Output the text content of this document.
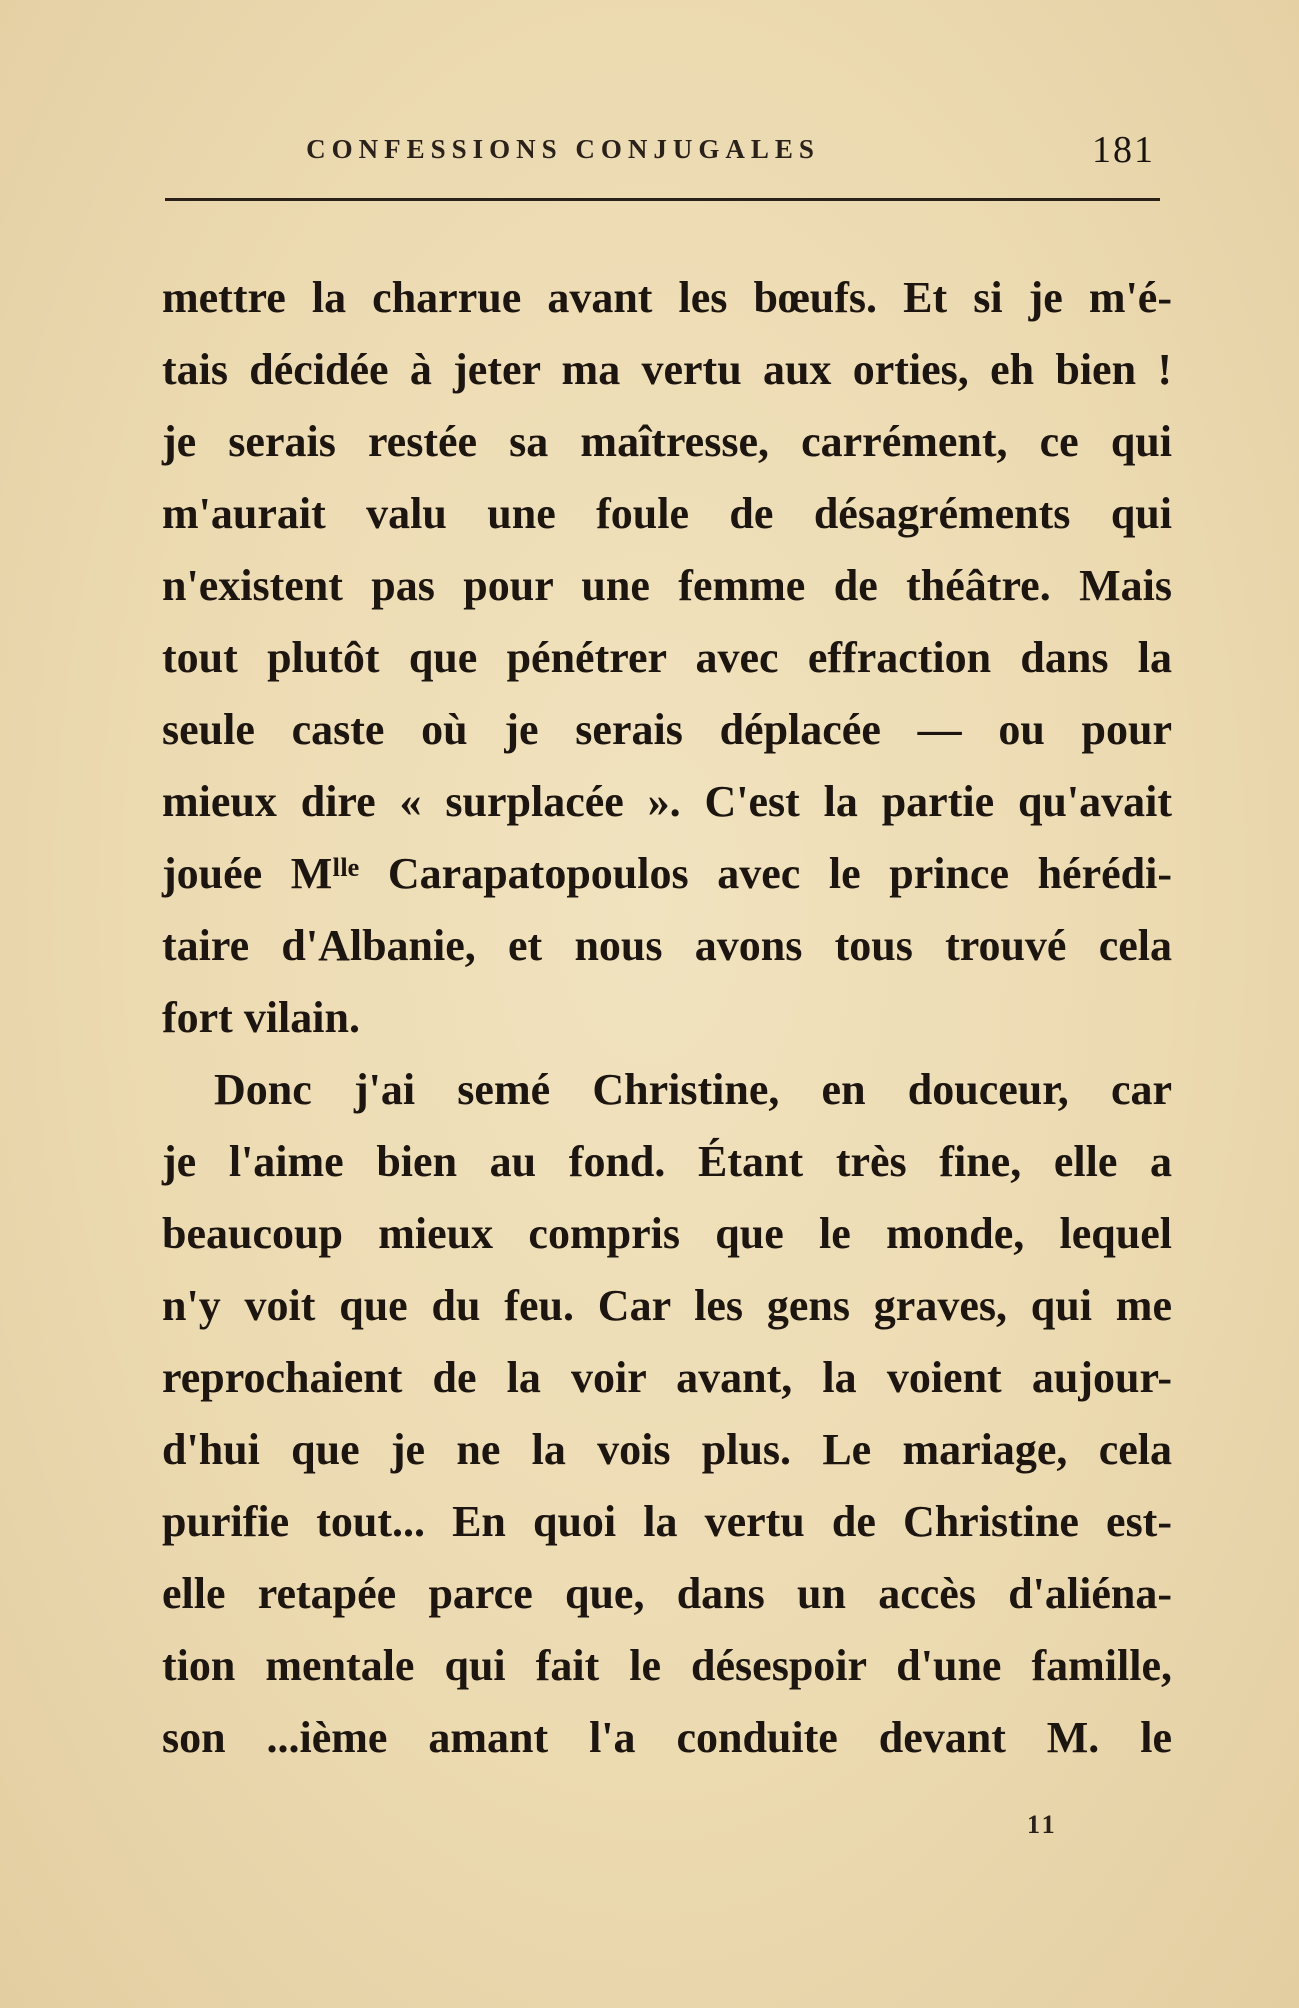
CONFESSIONS CONJUGALES	181
mettre la charrue avant les bœufs. Et si je m'é-
tais décidée à jeter ma vertu aux orties, eh bien !
je serais restée sa maîtresse, carrément, ce qui
m'aurait valu une foule de désagréments qui
n'existent pas pour une femme de théâtre. Mais
tout plutôt que pénétrer avec effraction dans la
seule caste où je serais déplacée — ou pour
mieux dire « surplacée ». C'est la partie qu'avait
jouée Mˡˡᵉ Carapatopoulos avec le prince hérédi-
taire d'Albanie, et nous avons tous trouvé cela
fort vilain.
Donc j'ai semé Christine, en douceur, car
je l'aime bien au fond. Étant très fine, elle a
beaucoup mieux compris que le monde, lequel
n'y voit que du feu. Car les gens graves, qui me
reprochaient de la voir avant, la voient aujour-
d'hui que je ne la vois plus. Le mariage, cela
purifie tout... En quoi la vertu de Christine est-
elle retapée parce que, dans un accès d'aliéna-
tion mentale qui fait le désespoir d'une famille,
son ...ième amant l'a conduite devant M. le
11
